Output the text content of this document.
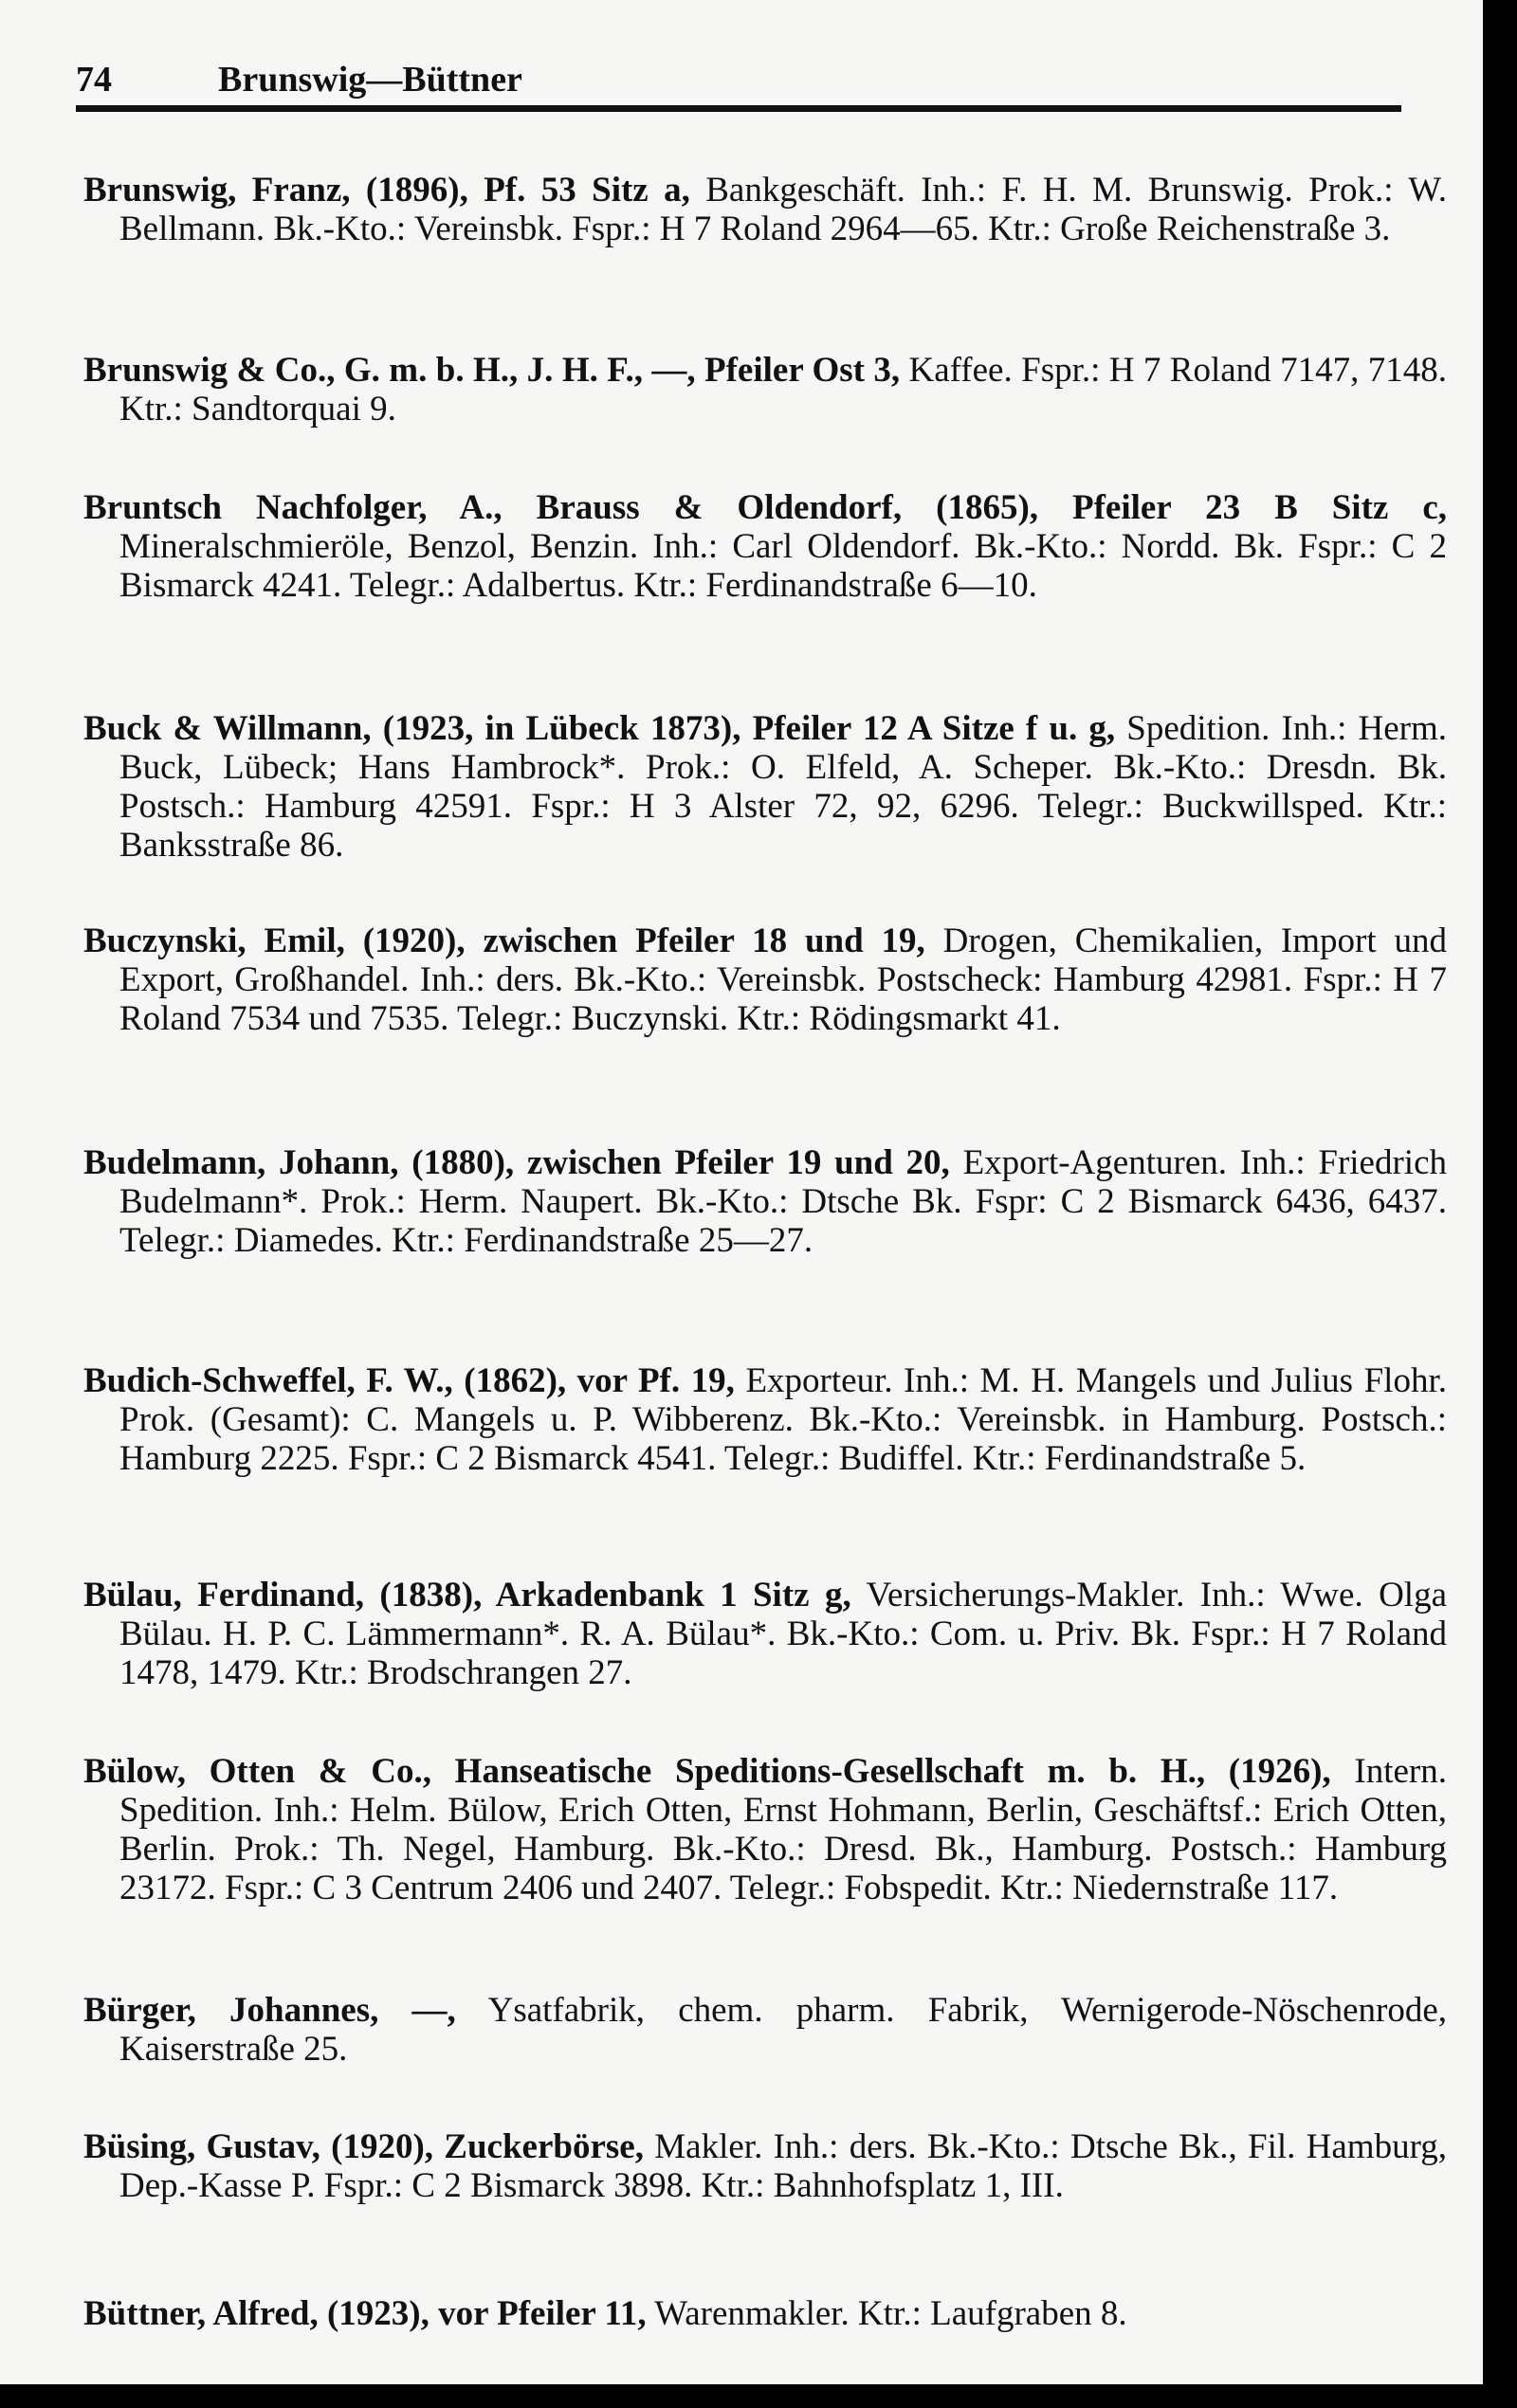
74	Brunswig—Büttner
Brunswig, Franz, (1896), Pf. 53 Sitz a, Bankgeschäft. Inh.: F. H. M. Brunswig. Prok.: W. Bellmann. Bk.-Kto.: Vereinsbk. Fspr.: H 7 Roland 2964—65. Ktr.: Große Reichenstraße 3.
Brunswig & Co., G. m. b. H., J. H. F., —, Pfeiler Ost 3, Kaffee. Fspr.: H 7 Roland 7147, 7148. Ktr.: Sandtorquai 9.
Bruntsch Nachfolger, A., Brauss & Oldendorf, (1865), Pfeiler 23 B Sitz c, Mineralschmieröle, Benzol, Benzin. Inh.: Carl Oldendorf. Bk.-Kto.: Nordd. Bk. Fspr.: C 2 Bismarck 4241. Telegr.: Adalbertus. Ktr.: Ferdinandstraße 6—10.
Buck & Willmann, (1923, in Lübeck 1873), Pfeiler 12 A Sitze f u. g, Spedition. Inh.: Herm. Buck, Lübeck; Hans Hambrock*. Prok.: O. Elfeld, A. Scheper. Bk.-Kto.: Dresdn. Bk. Postsch.: Hamburg 42591. Fspr.: H 3 Alster 72, 92, 6296. Telegr.: Buckwillsped. Ktr.: Banksstraße 86.
Buczynski, Emil, (1920), zwischen Pfeiler 18 und 19, Drogen, Chemikalien, Import und Export, Großhandel. Inh.: ders. Bk.-Kto.: Vereinsbk. Postscheck: Hamburg 42981. Fspr.: H 7 Roland 7534 und 7535. Telegr.: Buczynski. Ktr.: Rödingsmarkt 41.
Budelmann, Johann, (1880), zwischen Pfeiler 19 und 20, Export-Agenturen. Inh.: Friedrich Budelmann*. Prok.: Herm. Naupert. Bk.-Kto.: Dtsche Bk. Fspr: C 2 Bismarck 6436, 6437. Telegr.: Diamedes. Ktr.: Ferdinandstraße 25—27.
Budich-Schweffel, F. W., (1862), vor Pf. 19, Exporteur. Inh.: M. H. Mangels und Julius Flohr. Prok. (Gesamt): C. Mangels u. P. Wibberenz. Bk.-Kto.: Vereinsbk. in Hamburg. Postsch.: Hamburg 2225. Fspr.: C 2 Bismarck 4541. Telegr.: Budiffel. Ktr.: Ferdinandstraße 5.
Bülau, Ferdinand, (1838), Arkadenbank 1 Sitz g, Versicherungs-Makler. Inh.: Wwe. Olga Bülau. H. P. C. Lämmermann*. R. A. Bülau*. Bk.-Kto.: Com. u. Priv. Bk. Fspr.: H 7 Roland 1478, 1479. Ktr.: Brodschrangen 27.
Bülow, Otten & Co., Hanseatische Speditions-Gesellschaft m. b. H., (1926), Intern. Spedition. Inh.: Helm. Bülow, Erich Otten, Ernst Hohmann, Berlin, Geschäftsf.: Erich Otten, Berlin. Prok.: Th. Negel, Hamburg. Bk.-Kto.: Dresd. Bk., Hamburg. Postsch.: Hamburg 23172. Fspr.: C 3 Centrum 2406 und 2407. Telegr.: Fobspedit. Ktr.: Niedernstraße 117.
Bürger, Johannes, —, Ysatfabrik, chem. pharm. Fabrik, Wernigerode-Nöschenrode, Kaiserstraße 25.
Büsing, Gustav, (1920), Zuckerbörse, Makler. Inh.: ders. Bk.-Kto.: Dtsche Bk., Fil. Hamburg, Dep.-Kasse P. Fspr.: C 2 Bismarck 3898. Ktr.: Bahnhofsplatz 1, III.
Büttner, Alfred, (1923), vor Pfeiler 11, Warenmakler. Ktr.: Laufgraben 8.
